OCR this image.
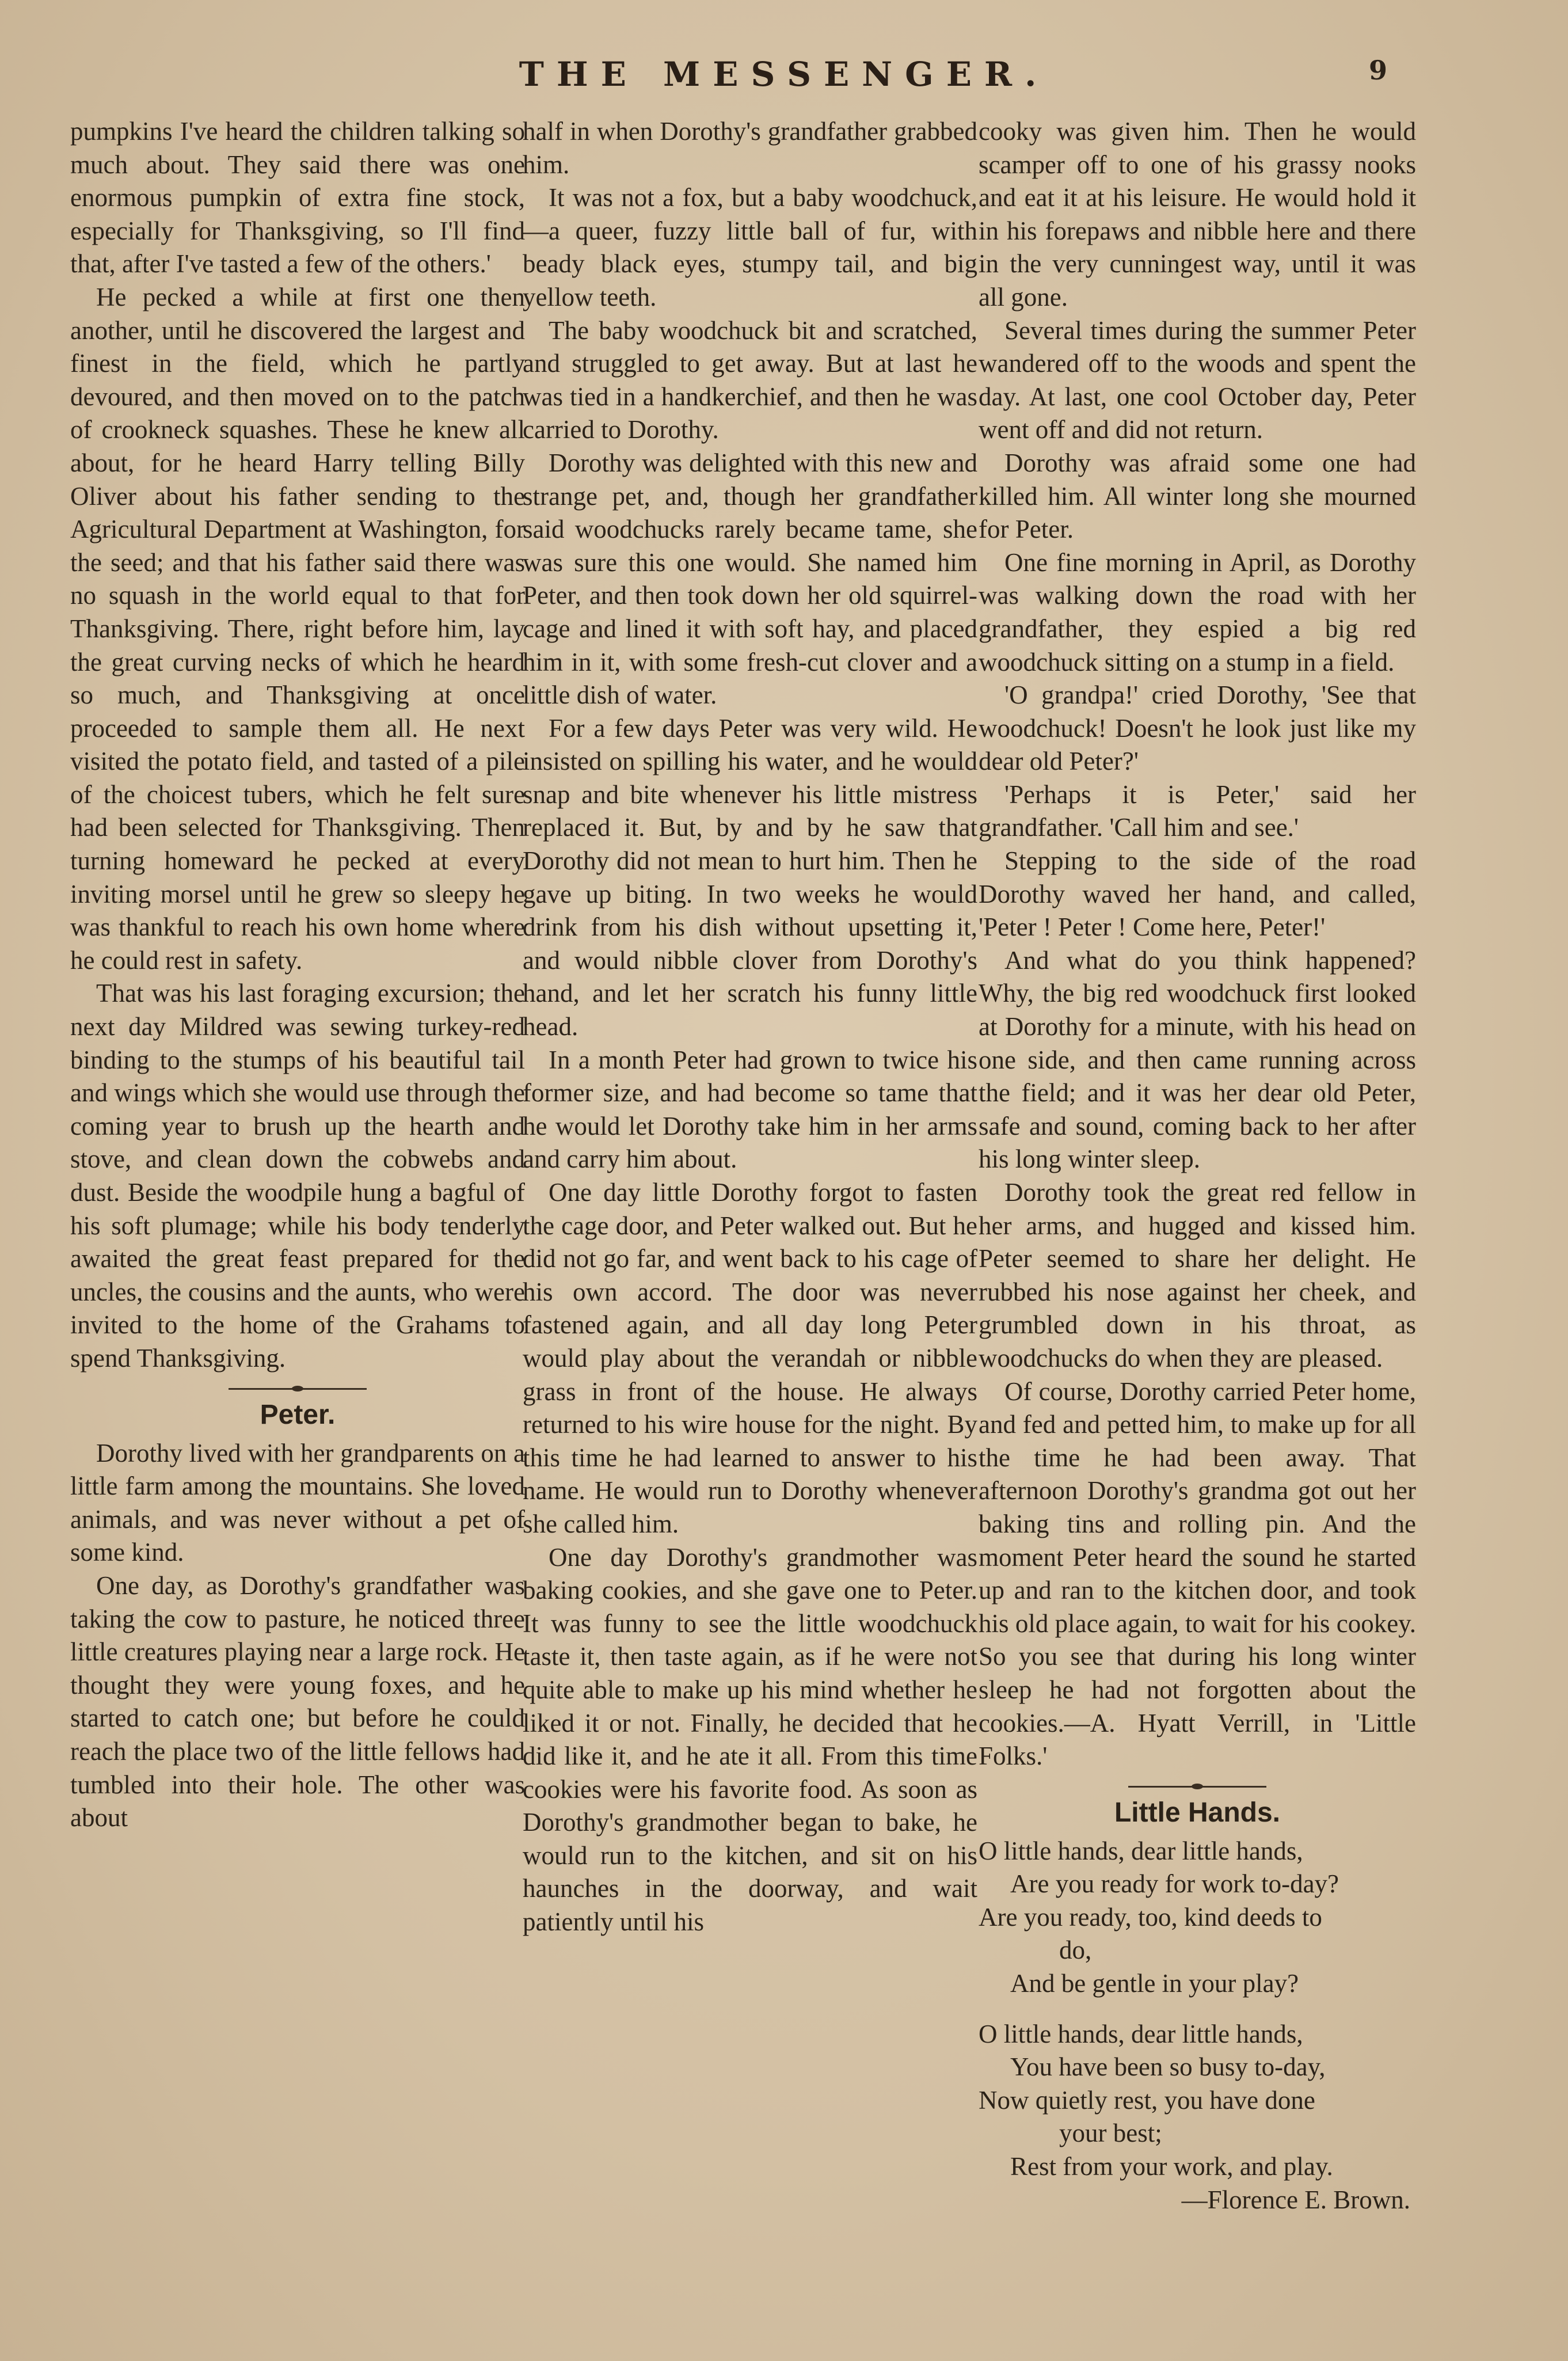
THE MESSENGER.	9

pumpkins I've heard the children talking so much about. They said there was one enormous pumpkin of extra fine stock, especially for Thanksgiving, so I'll find that, after I've tasted a few of the others.'

He pecked a while at first one then another, until he discovered the largest and finest in the field, which he partly devoured, and then moved on to the patch of crookneck squashes. These he knew all about, for he heard Harry telling Billy Oliver about his father sending to the Agricultural Department at Washington, for the seed; and that his father said there was no squash in the world equal to that for Thanksgiving. There, right before him, lay the great curving necks of which he heard so much, and Thanksgiving at once proceeded to sample them all. He next visited the potato field, and tasted of a pile of the choicest tubers, which he felt sure had been selected for Thanksgiving. Then turning homeward he pecked at every inviting morsel until he grew so sleepy he was thankful to reach his own home where he could rest in safety.

That was his last foraging excursion; the next day Mildred was sewing turkey-red binding to the stumps of his beautiful tail and wings which she would use through the coming year to brush up the hearth and stove, and clean down the cobwebs and dust. Beside the woodpile hung a bagful of his soft plumage; while his body tenderly awaited the great feast prepared for the uncles, the cousins and the aunts, who were invited to the home of the Grahams to spend Thanksgiving.

Peter.

Dorothy lived with her grandparents on a little farm among the mountains. She loved animals, and was never without a pet of some kind.

One day, as Dorothy's grandfather was taking the cow to pasture, he noticed three little creatures playing near a large rock. He thought they were young foxes, and he started to catch one; but before he could reach the place two of the little fellows had tumbled into their hole. The other was about

half in when Dorothy's grandfather grabbed him.

It was not a fox, but a baby woodchuck,—a queer, fuzzy little ball of fur, with beady black eyes, stumpy tail, and big yellow teeth.

The baby woodchuck bit and scratched, and struggled to get away. But at last he was tied in a handkerchief, and then he was carried to Dorothy.

Dorothy was delighted with this new and strange pet, and, though her grandfather said woodchucks rarely became tame, she was sure this one would. She named him Peter, and then took down her old squirrel-cage and lined it with soft hay, and placed him in it, with some fresh-cut clover and a little dish of water.

For a few days Peter was very wild. He insisted on spilling his water, and he would snap and bite whenever his little mistress replaced it. But, by and by he saw that Dorothy did not mean to hurt him. Then he gave up biting. In two weeks he would drink from his dish without upsetting it, and would nibble clover from Dorothy's hand, and let her scratch his funny little head.

In a month Peter had grown to twice his former size, and had become so tame that he would let Dorothy take him in her arms and carry him about.

One day little Dorothy forgot to fasten the cage door, and Peter walked out. But he did not go far, and went back to his cage of his own accord. The door was never fastened again, and all day long Peter would play about the verandah or nibble grass in front of the house. He always returned to his wire house for the night. By this time he had learned to answer to his name. He would run to Dorothy whenever she called him.

One day Dorothy's grandmother was baking cookies, and she gave one to Peter. It was funny to see the little woodchuck taste it, then taste again, as if he were not quite able to make up his mind whether he liked it or not. Finally, he decided that he did like it, and he ate it all. From this time cookies were his favorite food. As soon as Dorothy's grandmother began to bake, he would run to the kitchen, and sit on his haunches in the doorway, and wait patiently until his

cooky was given him. Then he would scamper off to one of his grassy nooks and eat it at his leisure. He would hold it in his forepaws and nibble here and there in the very cunningest way, until it was all gone.

Several times during the summer Peter wandered off to the woods and spent the day. At last, one cool October day, Peter went off and did not return.

Dorothy was afraid some one had killed him. All winter long she mourned for Peter.

One fine morning in April, as Dorothy was walking down the road with her grandfather, they espied a big red woodchuck sitting on a stump in a field.

'O grandpa!' cried Dorothy, 'See that woodchuck! Doesn't he look just like my dear old Peter?'

'Perhaps it is Peter,' said her grandfather. 'Call him and see.'

Stepping to the side of the road Dorothy waved her hand, and called, 'Peter ! Peter ! Come here, Peter!'

And what do you think happened? Why, the big red woodchuck first looked at Dorothy for a minute, with his head on one side, and then came running across the field; and it was her dear old Peter, safe and sound, coming back to her after his long winter sleep.

Dorothy took the great red fellow in her arms, and hugged and kissed him. Peter seemed to share her delight. He rubbed his nose against her cheek, and grumbled down in his throat, as woodchucks do when they are pleased.

Of course, Dorothy carried Peter home, and fed and petted him, to make up for all the time he had been away. That afternoon Dorothy's grandma got out her baking tins and rolling pin. And the moment Peter heard the sound he started up and ran to the kitchen door, and took his old place again, to wait for his cookey. So you see that during his long winter sleep he had not forgotten about the cookies.—A. Hyatt Verrill, in 'Little Folks.'

Little Hands.
O little hands, dear little hands,
Are you ready for work to-day?
Are you ready, too, kind deeds to
do,
And be gentle in your play?
O little hands, dear little hands,
You have been so busy to-day,
Now quietly rest, you have done
your best;
Rest from your work, and play.
—Florence E. Brown.
